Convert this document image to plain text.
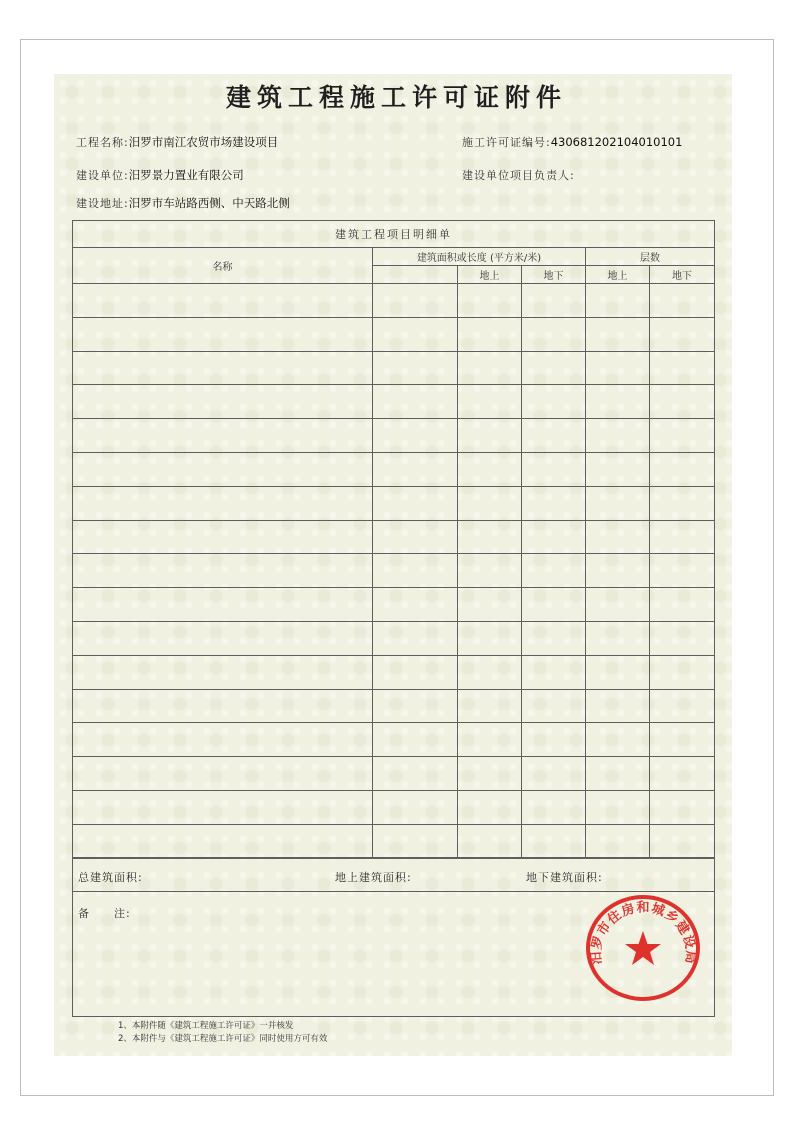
建筑工程施工许可证附件
工程名称:汨罗市南江农贸市场建设项目	施工许可证编号:430681202104010101
建设单位:汨罗景力置业有限公司	建设单位项目负责人:
建设地址:汨罗市车站路西侧、中天路北侧
建筑工程项目明细单					
名称	建筑面积或长度 (平方米/米)			层数	
		地上	地下	地上	地下

总建筑面积:	地上建筑面积:	地下建筑面积:
备　　注:
1、本附件随《建筑工程施工许可证》一并核发
2、本附件与《建筑工程施工许可证》同时使用方可有效
汨罗市住房和城乡建设局
